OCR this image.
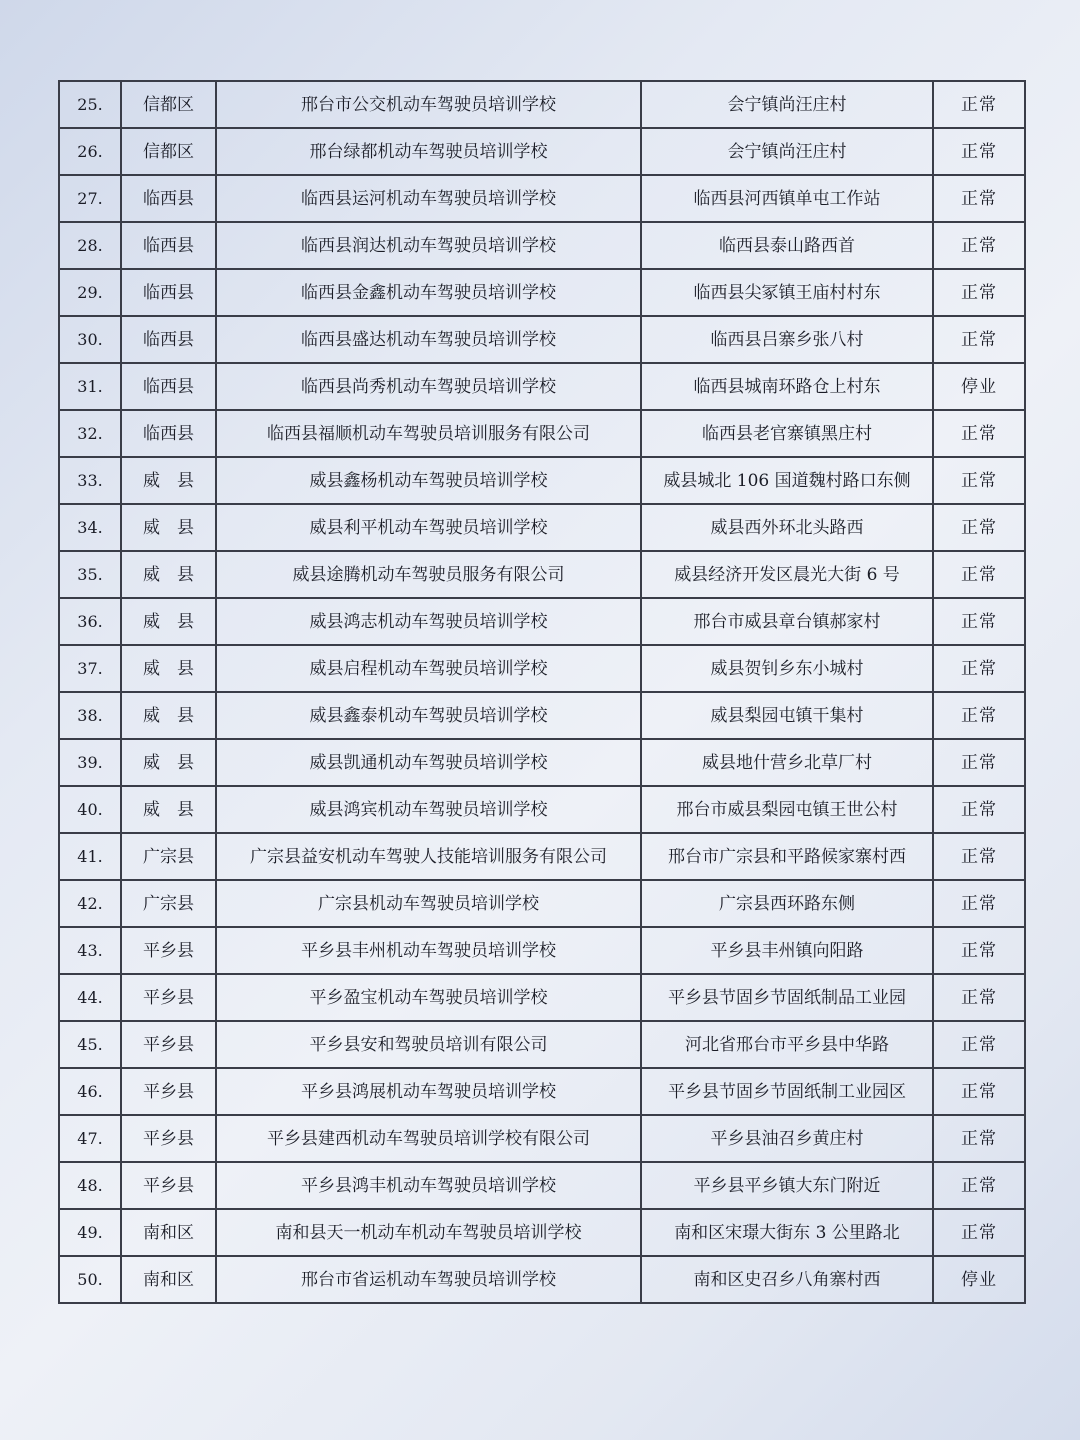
25.	信都区	邢台市公交机动车驾驶员培训学校	会宁镇尚汪庄村	正常
26.	信都区	邢台绿都机动车驾驶员培训学校	会宁镇尚汪庄村	正常
27.	临西县	临西县运河机动车驾驶员培训学校	临西县河西镇单屯工作站	正常
28.	临西县	临西县润达机动车驾驶员培训学校	临西县泰山路西首	正常
29.	临西县	临西县金鑫机动车驾驶员培训学校	临西县尖冢镇王庙村村东	正常
30.	临西县	临西县盛达机动车驾驶员培训学校	临西县吕寨乡张八村	正常
31.	临西县	临西县尚秀机动车驾驶员培训学校	临西县城南环路仓上村东	停业
32.	临西县	临西县福顺机动车驾驶员培训服务有限公司	临西县老官寨镇黑庄村	正常
33.	威　县	威县鑫杨机动车驾驶员培训学校	威县城北 106 国道魏村路口东侧	正常
34.	威　县	威县利平机动车驾驶员培训学校	威县西外环北头路西	正常
35.	威　县	威县途腾机动车驾驶员服务有限公司	威县经济开发区晨光大街 6 号	正常
36.	威　县	威县鸿志机动车驾驶员培训学校	邢台市威县章台镇郝家村	正常
37.	威　县	威县启程机动车驾驶员培训学校	威县贺钊乡东小城村	正常
38.	威　县	威县鑫泰机动车驾驶员培训学校	威县梨园屯镇干集村	正常
39.	威　县	威县凯通机动车驾驶员培训学校	威县地什营乡北草厂村	正常
40.	威　县	威县鸿宾机动车驾驶员培训学校	邢台市威县梨园屯镇王世公村	正常
41.	广宗县	广宗县益安机动车驾驶人技能培训服务有限公司	邢台市广宗县和平路候家寨村西	正常
42.	广宗县	广宗县机动车驾驶员培训学校	广宗县西环路东侧	正常
43.	平乡县	平乡县丰州机动车驾驶员培训学校	平乡县丰州镇向阳路	正常
44.	平乡县	平乡盈宝机动车驾驶员培训学校	平乡县节固乡节固纸制品工业园	正常
45.	平乡县	平乡县安和驾驶员培训有限公司	河北省邢台市平乡县中华路	正常
46.	平乡县	平乡县鸿展机动车驾驶员培训学校	平乡县节固乡节固纸制工业园区	正常
47.	平乡县	平乡县建西机动车驾驶员培训学校有限公司	平乡县油召乡黄庄村	正常
48.	平乡县	平乡县鸿丰机动车驾驶员培训学校	平乡县平乡镇大东门附近	正常
49.	南和区	南和县天一机动车机动车驾驶员培训学校	南和区宋璟大街东 3 公里路北	正常
50.	南和区	邢台市省运机动车驾驶员培训学校	南和区史召乡八角寨村西	停业
